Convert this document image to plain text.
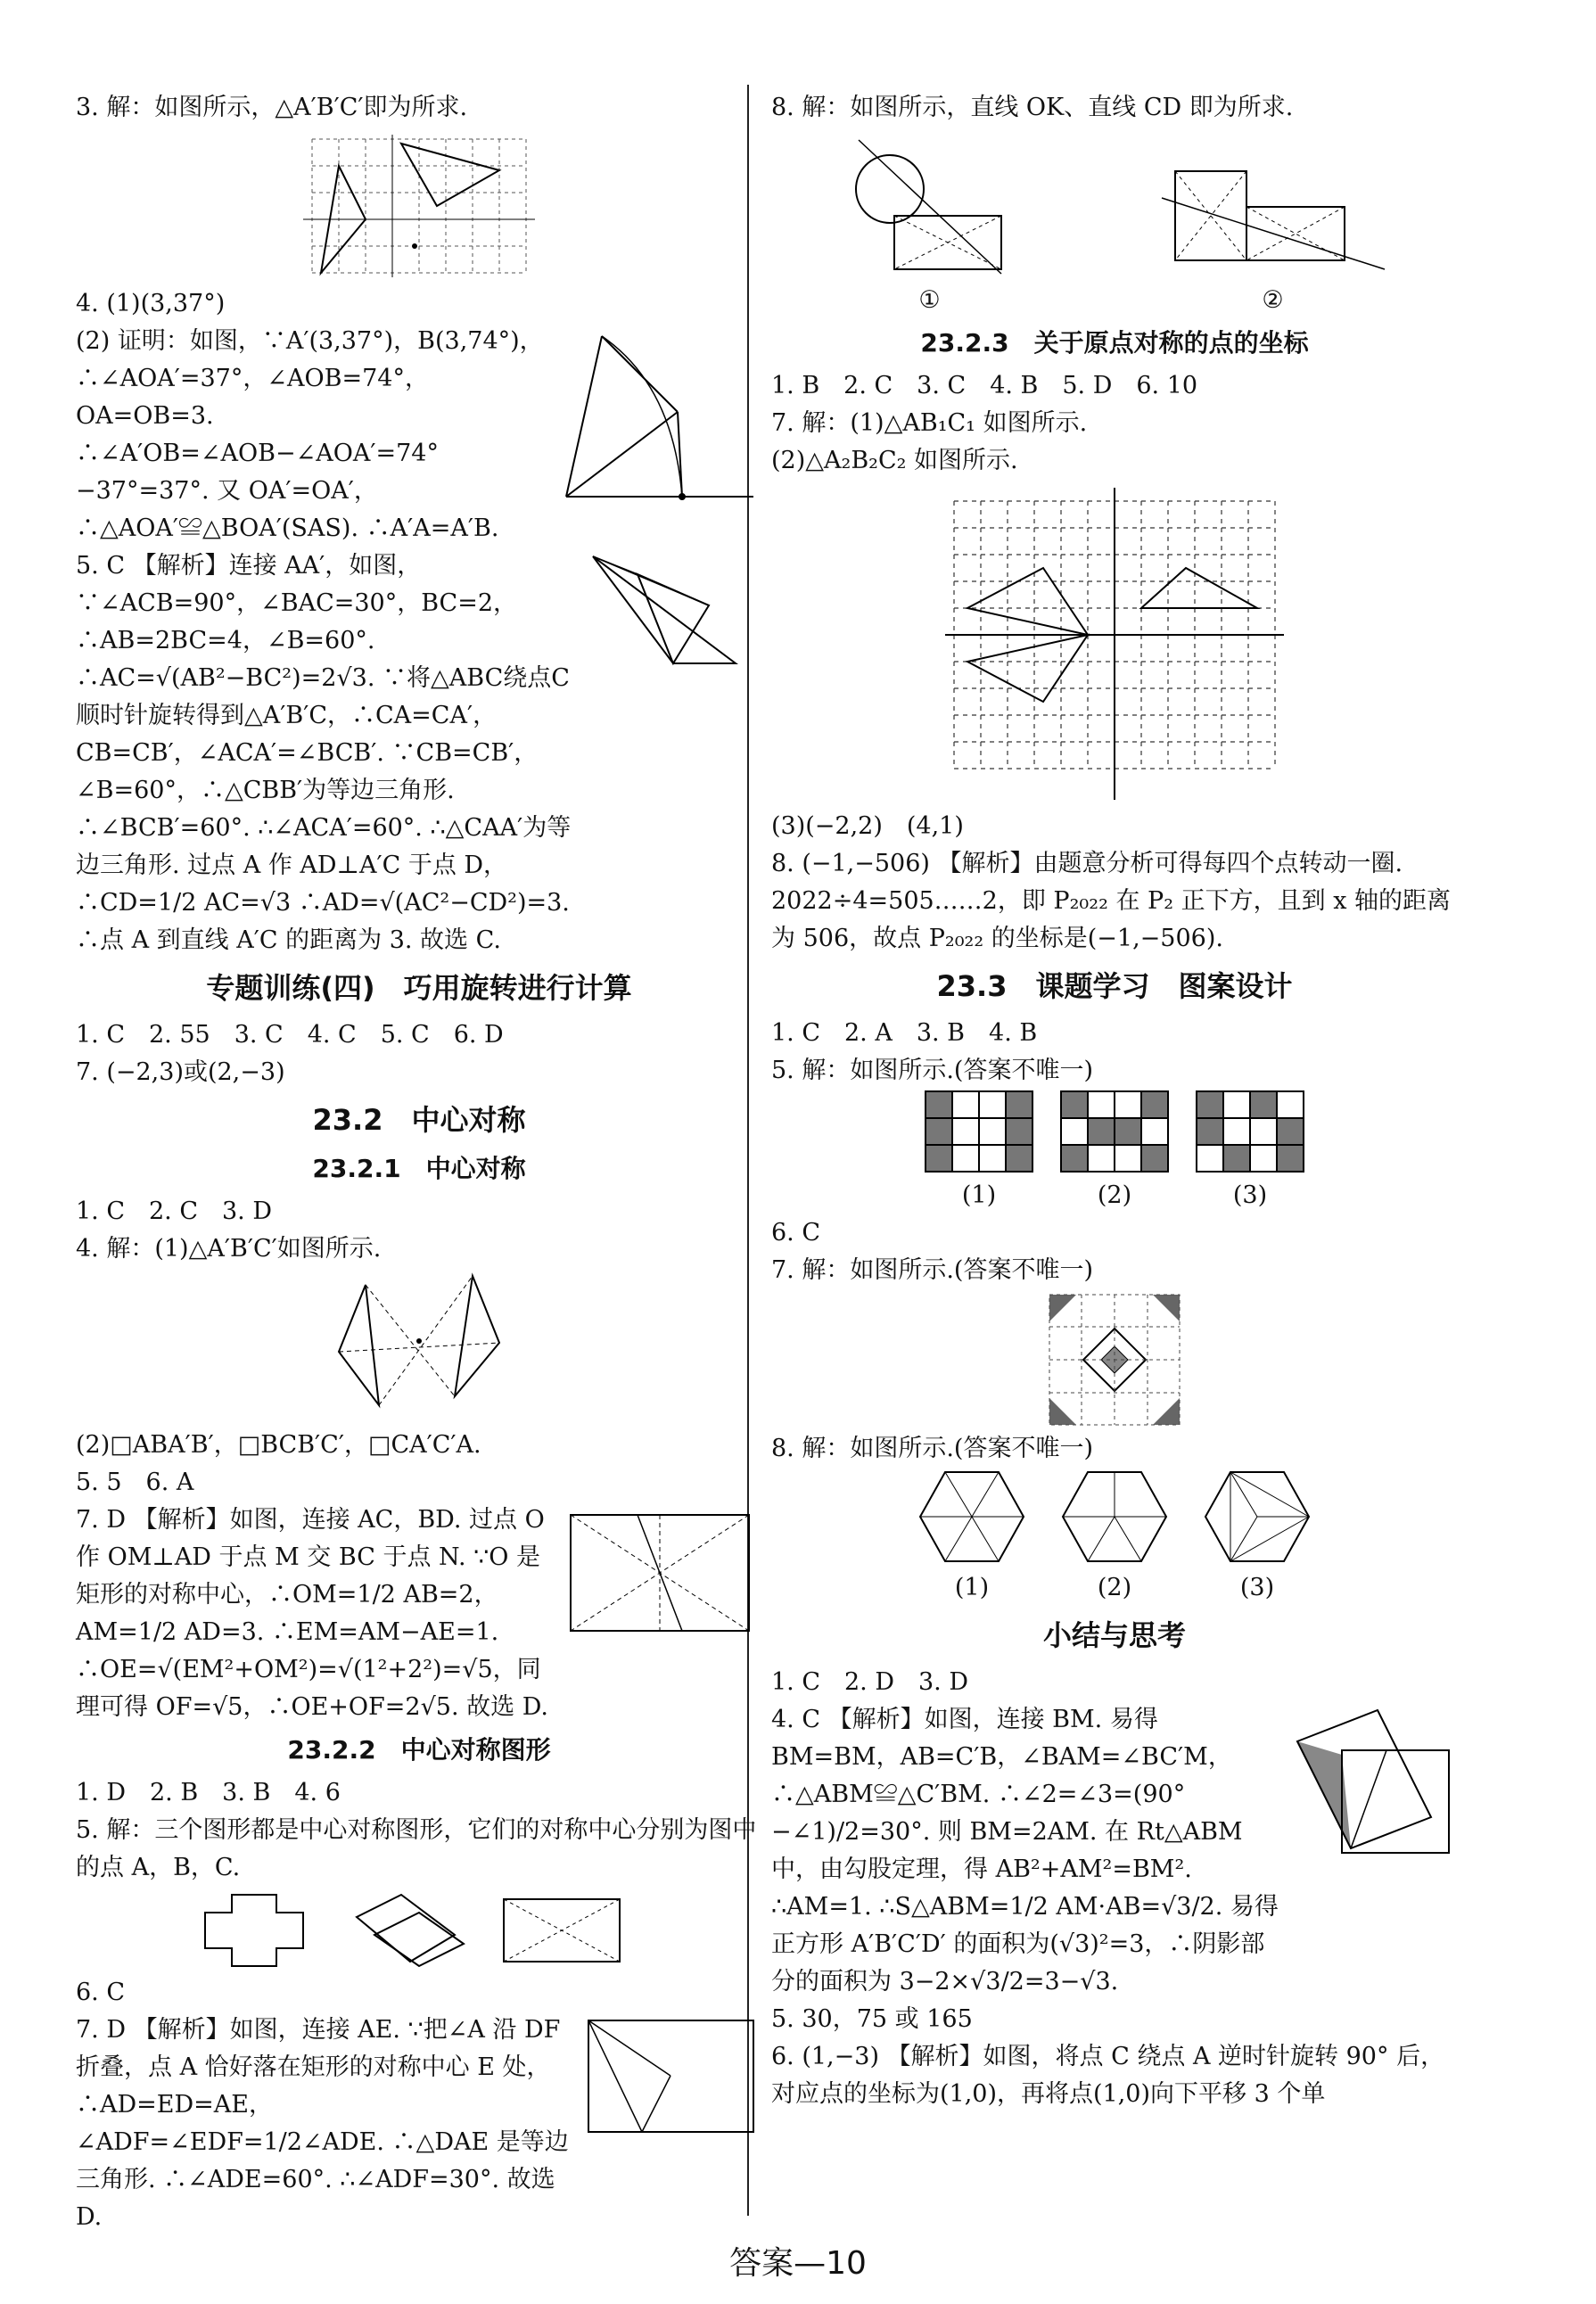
3. 解：如图所示，△A′B′C′即为所求.

4. (1)(3,37°)

(2) 证明：如图，∵A′(3,37°)，B(3,74°)，∴∠AOA′=37°，∠AOB=74°，OA=OB=3. ∴∠A′OB=∠AOB−∠AOA′=74°−37°=37°. 又 OA′=OA′，∴△AOA′≌△BOA′(SAS). ∴A′A=A′B.

5. C 【解析】连接 AA′，如图，∵∠ACB=90°，∠BAC=30°，BC=2，∴AB=2BC=4，∠B=60°. ∴AC=√(AB²−BC²)=2√3. ∵将△ABC绕点C顺时针旋转得到△A′B′C，∴CA=CA′，CB=CB′，∠ACA′=∠BCB′. ∵CB=CB′，∠B=60°，∴△CBB′为等边三角形. ∴∠BCB′=60°. ∴∠ACA′=60°. ∴△CAA′为等边三角形. 过点 A 作 AD⊥A′C 于点 D，∴CD=1/2 AC=√3 ∴AD=√(AC²−CD²)=3. ∴点 A 到直线 A′C 的距离为 3. 故选 C.

专题训练(四)　巧用旋转进行计算

1. C　2. 55　3. C　4. C　5. C　6. D

7. (−2,3)或(2,−3)

23.2　中心对称

23.2.1　中心对称

1. C　2. C　3. D

4. 解：(1)△A′B′C′如图所示.

(2)□ABA′B′，□BCB′C′，□CA′C′A.

5. 5　6. A

7. D 【解析】如图，连接 AC，BD. 过点 O 作 OM⊥AD 于点 M 交 BC 于点 N. ∵O 是矩形的对称中心，∴OM=1/2 AB=2，AM=1/2 AD=3. ∴EM=AM−AE=1. ∴OE=√(EM²+OM²)=√(1²+2²)=√5，同理可得 OF=√5，∴OE+OF=2√5. 故选 D.

23.2.2　中心对称图形

1. D　2. B　3. B　4. 6

5. 解：三个图形都是中心对称图形，它们的对称中心分别为图中的点 A，B，C.

6. C

7. D 【解析】如图，连接 AE. ∵把∠A 沿 DF 折叠，点 A 恰好落在矩形的对称中心 E 处，∴AD=ED=AE，∠ADF=∠EDF=1/2∠ADE. ∴△DAE 是等边三角形. ∴∠ADE=60°. ∴∠ADF=30°. 故选 D.

8. 解：如图所示，直线 OK、直线 CD 即为所求.

①	②

23.2.3　关于原点对称的点的坐标

1. B　2. C　3. C　4. B　5. D　6. 10

7. 解：(1)△AB₁C₁ 如图所示.

(2)△A₂B₂C₂ 如图所示.

(3)(−2,2)　(4,1)

8. (−1,−506) 【解析】由题意分析可得每四个点转动一圈. 2022÷4=505……2，即 P₂₀₂₂ 在 P₂ 正下方，且到 x 轴的距离为 506，故点 P₂₀₂₂ 的坐标是(−1,−506).

23.3　课题学习　图案设计

1. C　2. A　3. B　4. B

5. 解：如图所示.(答案不唯一)

(1)	(2)	(3)

6. C

7. 解：如图所示.(答案不唯一)

8. 解：如图所示.(答案不唯一)

(1)	(2)	(3)

小结与思考

1. C　2. D　3. D

4. C 【解析】如图，连接 BM. 易得 BM=BM，AB=C′B，∠BAM=∠BC′M，∴△ABM≌△C′BM. ∴∠2=∠3=(90°−∠1)/2=30°. 则 BM=2AM. 在 Rt△ABM 中，由勾股定理，得 AB²+AM²=BM². ∴AM=1. ∴S△ABM=1/2 AM·AB=√3/2. 易得正方形 A′B′C′D′ 的面积为(√3)²=3，∴阴影部分的面积为 3−2×√3/2=3−√3.

5. 30，75 或 165

6. (1,−3) 【解析】如图，将点 C 绕点 A 逆时针旋转 90° 后，对应点的坐标为(1,0)，再将点(1,0)向下平移 3 个单

答案—10
